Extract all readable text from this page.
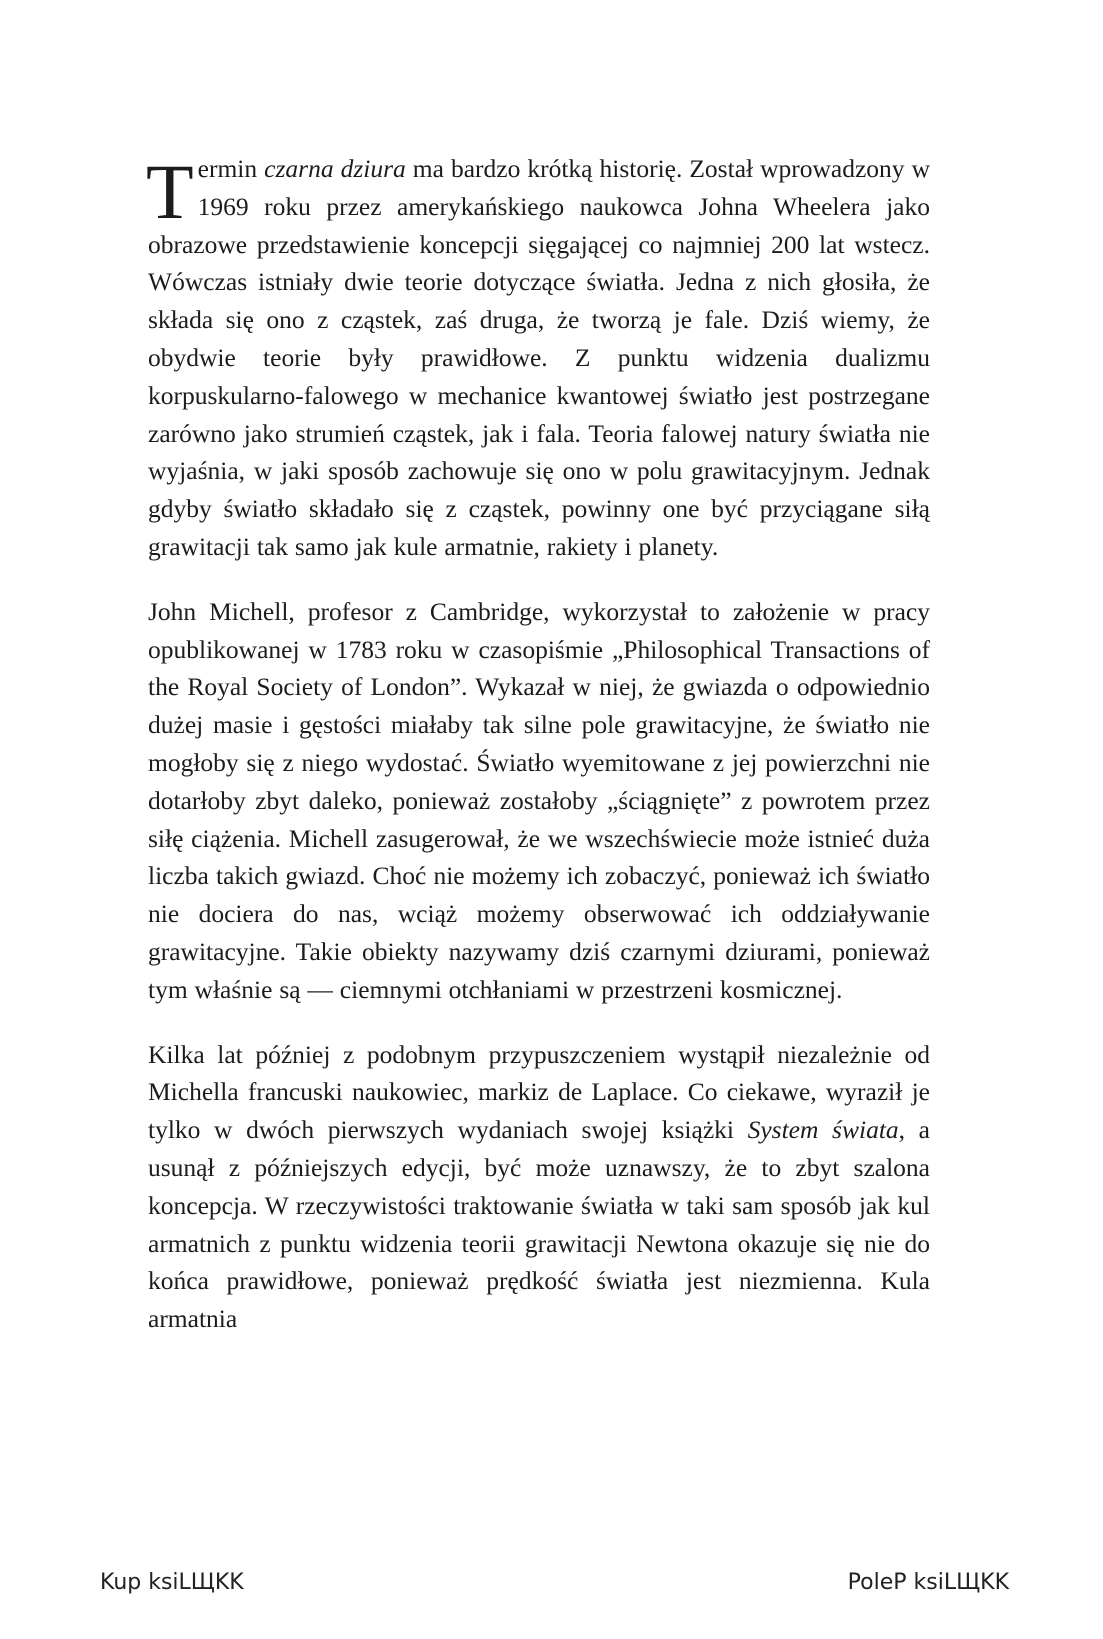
Termin czarna dziura ma bardzo krótką historię. Został wprowadzony w 1969 roku przez amerykańskiego naukowca Johna Wheelera jako obrazowe przedstawienie koncepcji sięgającej co najmniej 200 lat wstecz. Wówczas istniały dwie teorie dotyczące światła. Jedna z nich głosiła, że składa się ono z cząstek, zaś druga, że tworzą je fale. Dziś wiemy, że obydwie teorie były prawidłowe. Z punktu widzenia dualizmu korpuskularno-falowego w mechanice kwantowej światło jest postrzegane zarówno jako strumień cząstek, jak i fala. Teoria falowej natury światła nie wyjaśnia, w jaki sposób zachowuje się ono w polu grawitacyjnym. Jednak gdyby światło składało się z cząstek, powinny one być przyciągane siłą grawitacji tak samo jak kule armatnie, rakiety i planety.

John Michell, profesor z Cambridge, wykorzystał to założenie w pracy opublikowanej w 1783 roku w czasopiśmie „Philosophical Transactions of the Royal Society of London”. Wykazał w niej, że gwiazda o odpowiednio dużej masie i gęstości miałaby tak silne pole grawitacyjne, że światło nie mogłoby się z niego wydostać. Światło wyemitowane z jej powierzchni nie dotarłoby zbyt daleko, ponieważ zostałoby „ściągnięte” z powrotem przez siłę ciążenia. Michell zasugerował, że we wszechświecie może istnieć duża liczba takich gwiazd. Choć nie możemy ich zobaczyć, ponieważ ich światło nie dociera do nas, wciąż możemy obserwować ich oddziaływanie grawitacyjne. Takie obiekty nazywamy dziś czarnymi dziurami, ponieważ tym właśnie są — ciemnymi otchłaniami w przestrzeni kosmicznej.

Kilka lat później z podobnym przypuszczeniem wystąpił niezależnie od Michella francuski naukowiec, markiz de Laplace. Co ciekawe, wyraził je tylko w dwóch pierwszych wydaniach swojej książki System świata, a usunął z późniejszych edycji, być może uznawszy, że to zbyt szalona koncepcja. W rzeczywistości traktowanie światła w taki sam sposób jak kul armatnich z punktu widzenia teorii grawitacji Newtona okazuje się nie do końca prawidłowe, ponieważ prędkość światła jest niezmienna. Kula armatnia

Kup ksiLЩKK	PoleP ksiLЩKK
